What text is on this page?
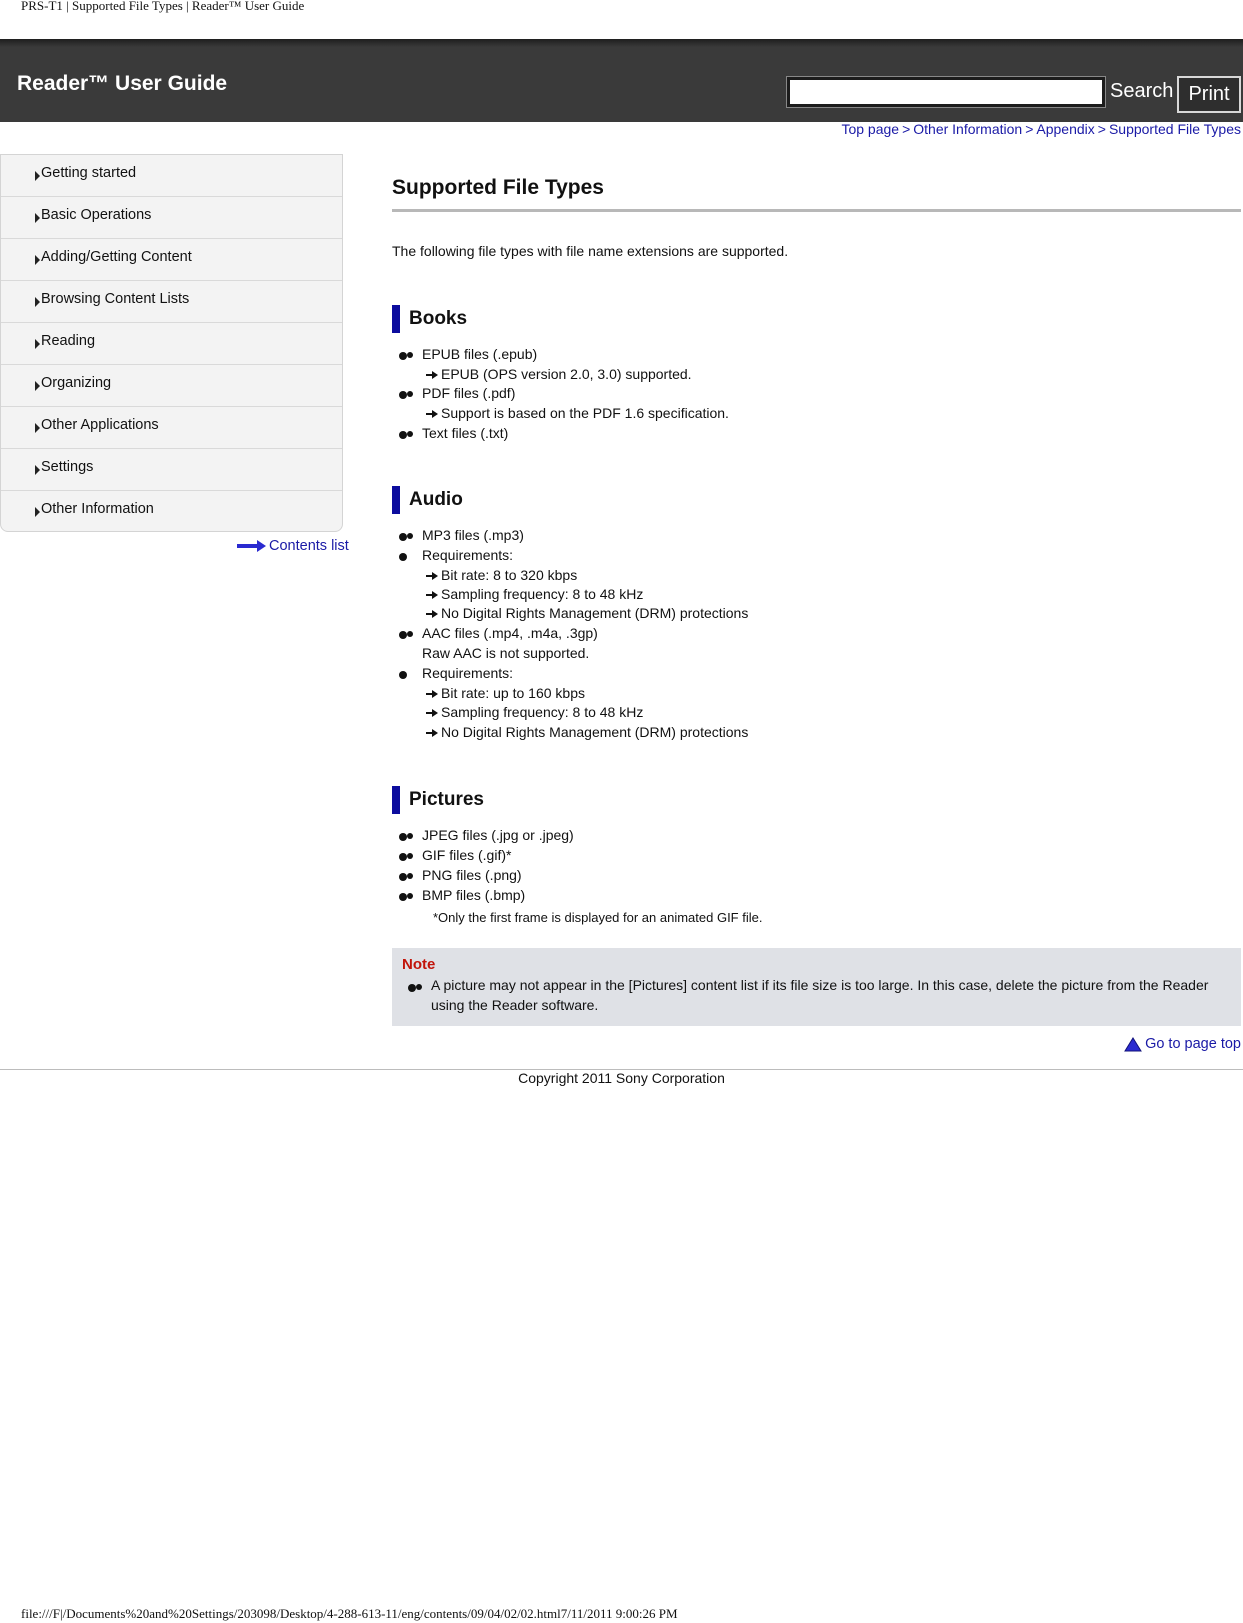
PRS-T1 | Supported File Types | Reader™ User Guide
Reader™ User Guide	Search Print
Top page > Other Information > Appendix > Supported File Types
Getting started
Basic Operations
Adding/Getting Content
Browsing Content Lists
Reading
Organizing
Other Applications
Settings
Other Information
Contents list
Supported File Types
The following file types with file name extensions are supported.
Books
EPUB files (.epub)
EPUB (OPS version 2.0, 3.0) supported.
PDF files (.pdf)
Support is based on the PDF 1.6 specification.
Text files (.txt)
Audio
MP3 files (.mp3)
Requirements:
Bit rate: 8 to 320 kbps
Sampling frequency: 8 to 48 kHz
No Digital Rights Management (DRM) protections
AAC files (.mp4, .m4a, .3gp)
Raw AAC is not supported.
Requirements:
Bit rate: up to 160 kbps
Sampling frequency: 8 to 48 kHz
No Digital Rights Management (DRM) protections
Pictures
JPEG files (.jpg or .jpeg)
GIF files (.gif)*
PNG files (.png)
BMP files (.bmp)
*Only the first frame is displayed for an animated GIF file.
Note
A picture may not appear in the [Pictures] content list if its file size is too large. In this case, delete the picture from the Reader using the Reader software.
Go to page top
Copyright 2011 Sony Corporation
file:///F|/Documents%20and%20Settings/203098/Desktop/4-288-613-11/eng/contents/09/04/02/02.html7/11/2011 9:00:26 PM
